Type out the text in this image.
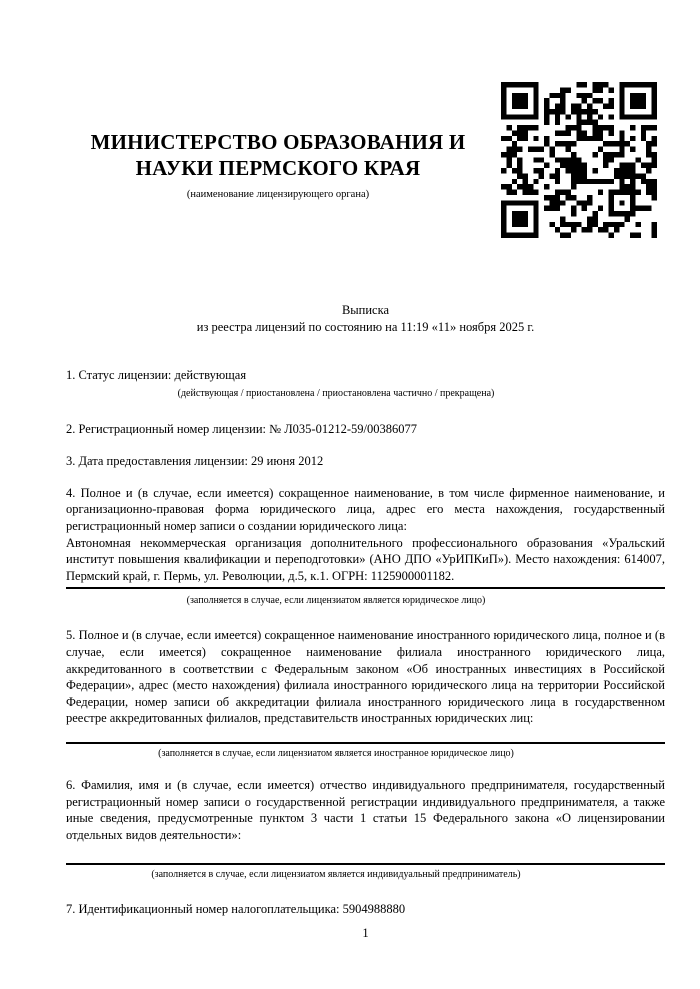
МИНИСТЕРСТВО ОБРАЗОВАНИЯ И НАУКИ ПЕРМСКОГО КРАЯ
(наименование лицензирующего органа)
Выписка
из реестра лицензий по состоянию на 11:19 «11» ноября 2025 г.
1. Статус лицензии: действующая
(действующая / приостановлена / приостановлена частично / прекращена)
2. Регистрационный номер лицензии: № Л035-01212-59/00386077
3. Дата предоставления лицензии: 29 июня 2012
4. Полное и (в случае, если имеется) сокращенное наименование, в том числе фирменное наименование, и организационно-правовая форма юридического лица, адрес его места нахождения, государственный регистрационный номер записи о создании юридического лица:
Автономная некоммерческая организация дополнительного профессионального образования «Уральский институт повышения квалификации и переподготовки» (АНО ДПО «УрИПКиП»). Место нахождения: 614007, Пермский край, г. Пермь, ул. Революции, д.5, к.1. ОГРН: 1125900001182.
(заполняется в случае, если лицензиатом является юридическое лицо)
5. Полное и (в случае, если имеется) сокращенное наименование иностранного юридического лица, полное и (в случае, если имеется) сокращенное наименование филиала иностранного юридического лица, аккредитованного в соответствии с Федеральным законом «Об иностранных инвестициях в Российской Федерации», адрес (место нахождения) филиала иностранного юридического лица на территории Российской Федерации, номер записи об аккредитации филиала иностранного юридического лица в государственном реестре аккредитованных филиалов, представительств иностранных юридических лиц:
(заполняется в случае, если лицензиатом является иностранное юридическое лицо)
6. Фамилия, имя и (в случае, если имеется) отчество индивидуального предпринимателя, государственный регистрационный номер записи о государственной регистрации индивидуального предпринимателя, а также иные сведения, предусмотренные пунктом 3 части 1 статьи 15 Федерального закона «О лицензировании отдельных видов деятельности»:
(заполняется в случае, если лицензиатом является индивидуальный предприниматель)
7. Идентификационный номер налогоплательщика: 5904988880
1
